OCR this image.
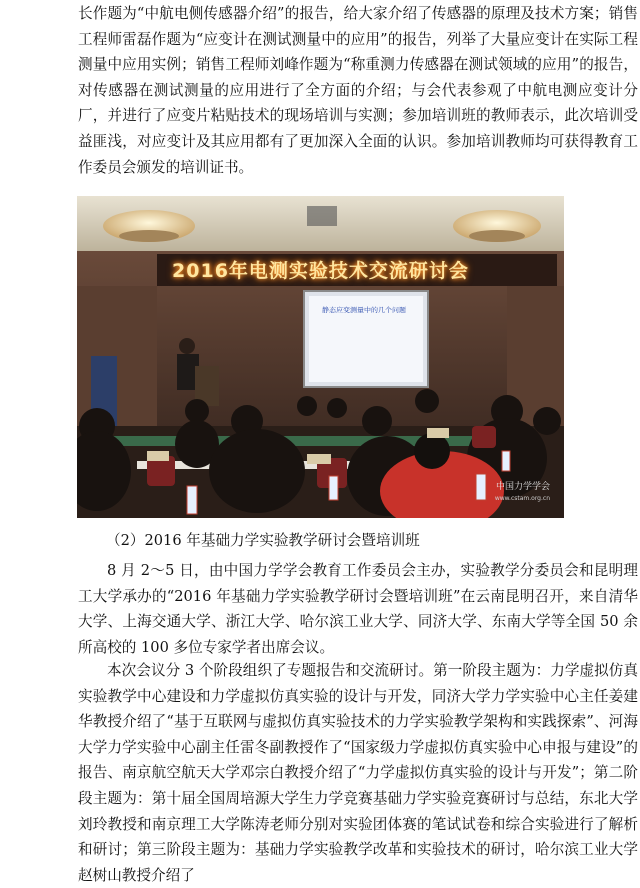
长作题为“中航电侧传感器介绍”的报告，给大家介绍了传感器的原理及技术方案；销售工程师雷磊作题为“应变计在测试测量中的应用”的报告，列举了大量应变计在实际工程测量中应用实例；销售工程师刘峰作题为“称重测力传感器在测试领域的应用”的报告，对传感器在测试测量的应用进行了全方面的介绍；与会代表参观了中航电测应变计分厂，并进行了应变片粘贴技术的现场培训与实测；参加培训班的教师表示，此次培训受益匪浅，对应变计及其应用都有了更加深入全面的认识。参加培训教师均可获得教育工作委员会颁发的培训证书。

2016年电测实验技术交流研讨会
静态应变测量中的几个问题
中国力学学会
www.cstam.org.cn

（2）2016 年基础力学实验教学研讨会暨培训班

8 月 2～5 日，由中国力学学会教育工作委员会主办，实验教学分委员会和昆明理工大学承办的“2016 年基础力学实验教学研讨会暨培训班”在云南昆明召开，来自清华大学、上海交通大学、浙江大学、哈尔滨工业大学、同济大学、东南大学等全国 50 余所高校的 100 多位专家学者出席会议。

本次会议分 3 个阶段组织了专题报告和交流研讨。第一阶段主题为：力学虚拟仿真实验教学中心建设和力学虚拟仿真实验的设计与开发，同济大学力学实验中心主任姜建华教授介绍了“基于互联网与虚拟仿真实验技术的力学实验教学架构和实践探索”、河海大学力学实验中心副主任雷冬副教授作了“国家级力学虚拟仿真实验中心申报与建设”的报告、南京航空航天大学邓宗白教授介绍了“力学虚拟仿真实验的设计与开发”；第二阶段主题为：第十届全国周培源大学生力学竞赛基础力学实验竞赛研讨与总结，东北大学刘玲教授和南京理工大学陈涛老师分别对实验团体赛的笔试试卷和综合实验进行了解析和研讨；第三阶段主题为：基础力学实验教学改革和实验技术的研讨，哈尔滨工业大学赵树山教授介绍了
